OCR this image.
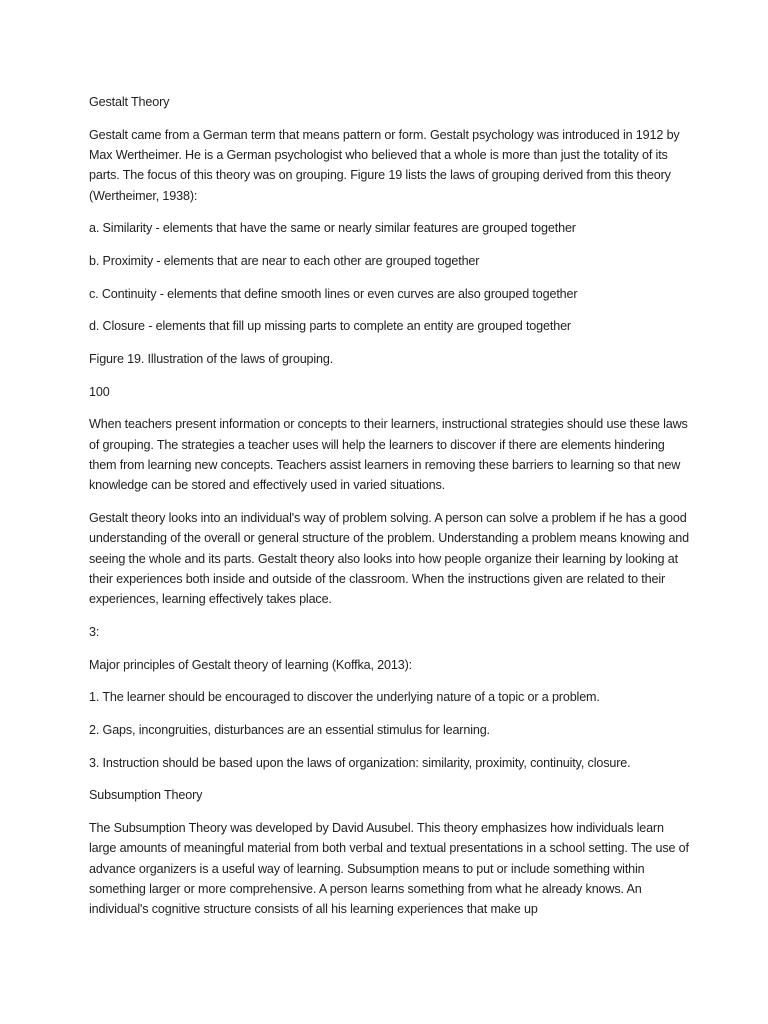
Gestalt Theory

Gestalt came from a German term that means pattern or form. Gestalt psychology was introduced in 1912 by Max Wertheimer. He is a German psychologist who believed that a whole is more than just the totality of its parts. The focus of this theory was on grouping. Figure 19 lists the laws of grouping derived from this theory (Wertheimer, 1938):

a. Similarity - elements that have the same or nearly similar features are grouped together

b. Proximity - elements that are near to each other are grouped together

c. Continuity - elements that define smooth lines or even curves are also grouped together

d. Closure - elements that fill up missing parts to complete an entity are grouped together

Figure 19. Illustration of the laws of grouping.

100

When teachers present information or concepts to their learners, instructional strategies should use these laws of grouping. The strategies a teacher uses will help the learners to discover if there are elements hindering them from learning new concepts. Teachers assist learners in removing these barriers to learning so that new knowledge can be stored and effectively used in varied situations.

Gestalt theory looks into an individual's way of problem solving. A person can solve a problem if he has a good understanding of the overall or general structure of the problem. Understanding a problem means knowing and seeing the whole and its parts. Gestalt theory also looks into how people organize their learning by looking at their experiences both inside and outside of the classroom. When the instructions given are related to their experiences, learning effectively takes place.

3:

Major principles of Gestalt theory of learning (Koffka, 2013):

1. The learner should be encouraged to discover the underlying nature of a topic or a problem.

2. Gaps, incongruities, disturbances are an essential stimulus for learning.

3. Instruction should be based upon the laws of organization: similarity, proximity, continuity, closure.

Subsumption Theory

The Subsumption Theory was developed by David Ausubel. This theory emphasizes how individuals learn large amounts of meaningful material from both verbal and textual presentations in a school setting. The use of advance organizers is a useful way of learning. Subsumption means to put or include something within something larger or more comprehensive. A person learns something from what he already knows. An individual's cognitive structure consists of all his learning experiences that make up
